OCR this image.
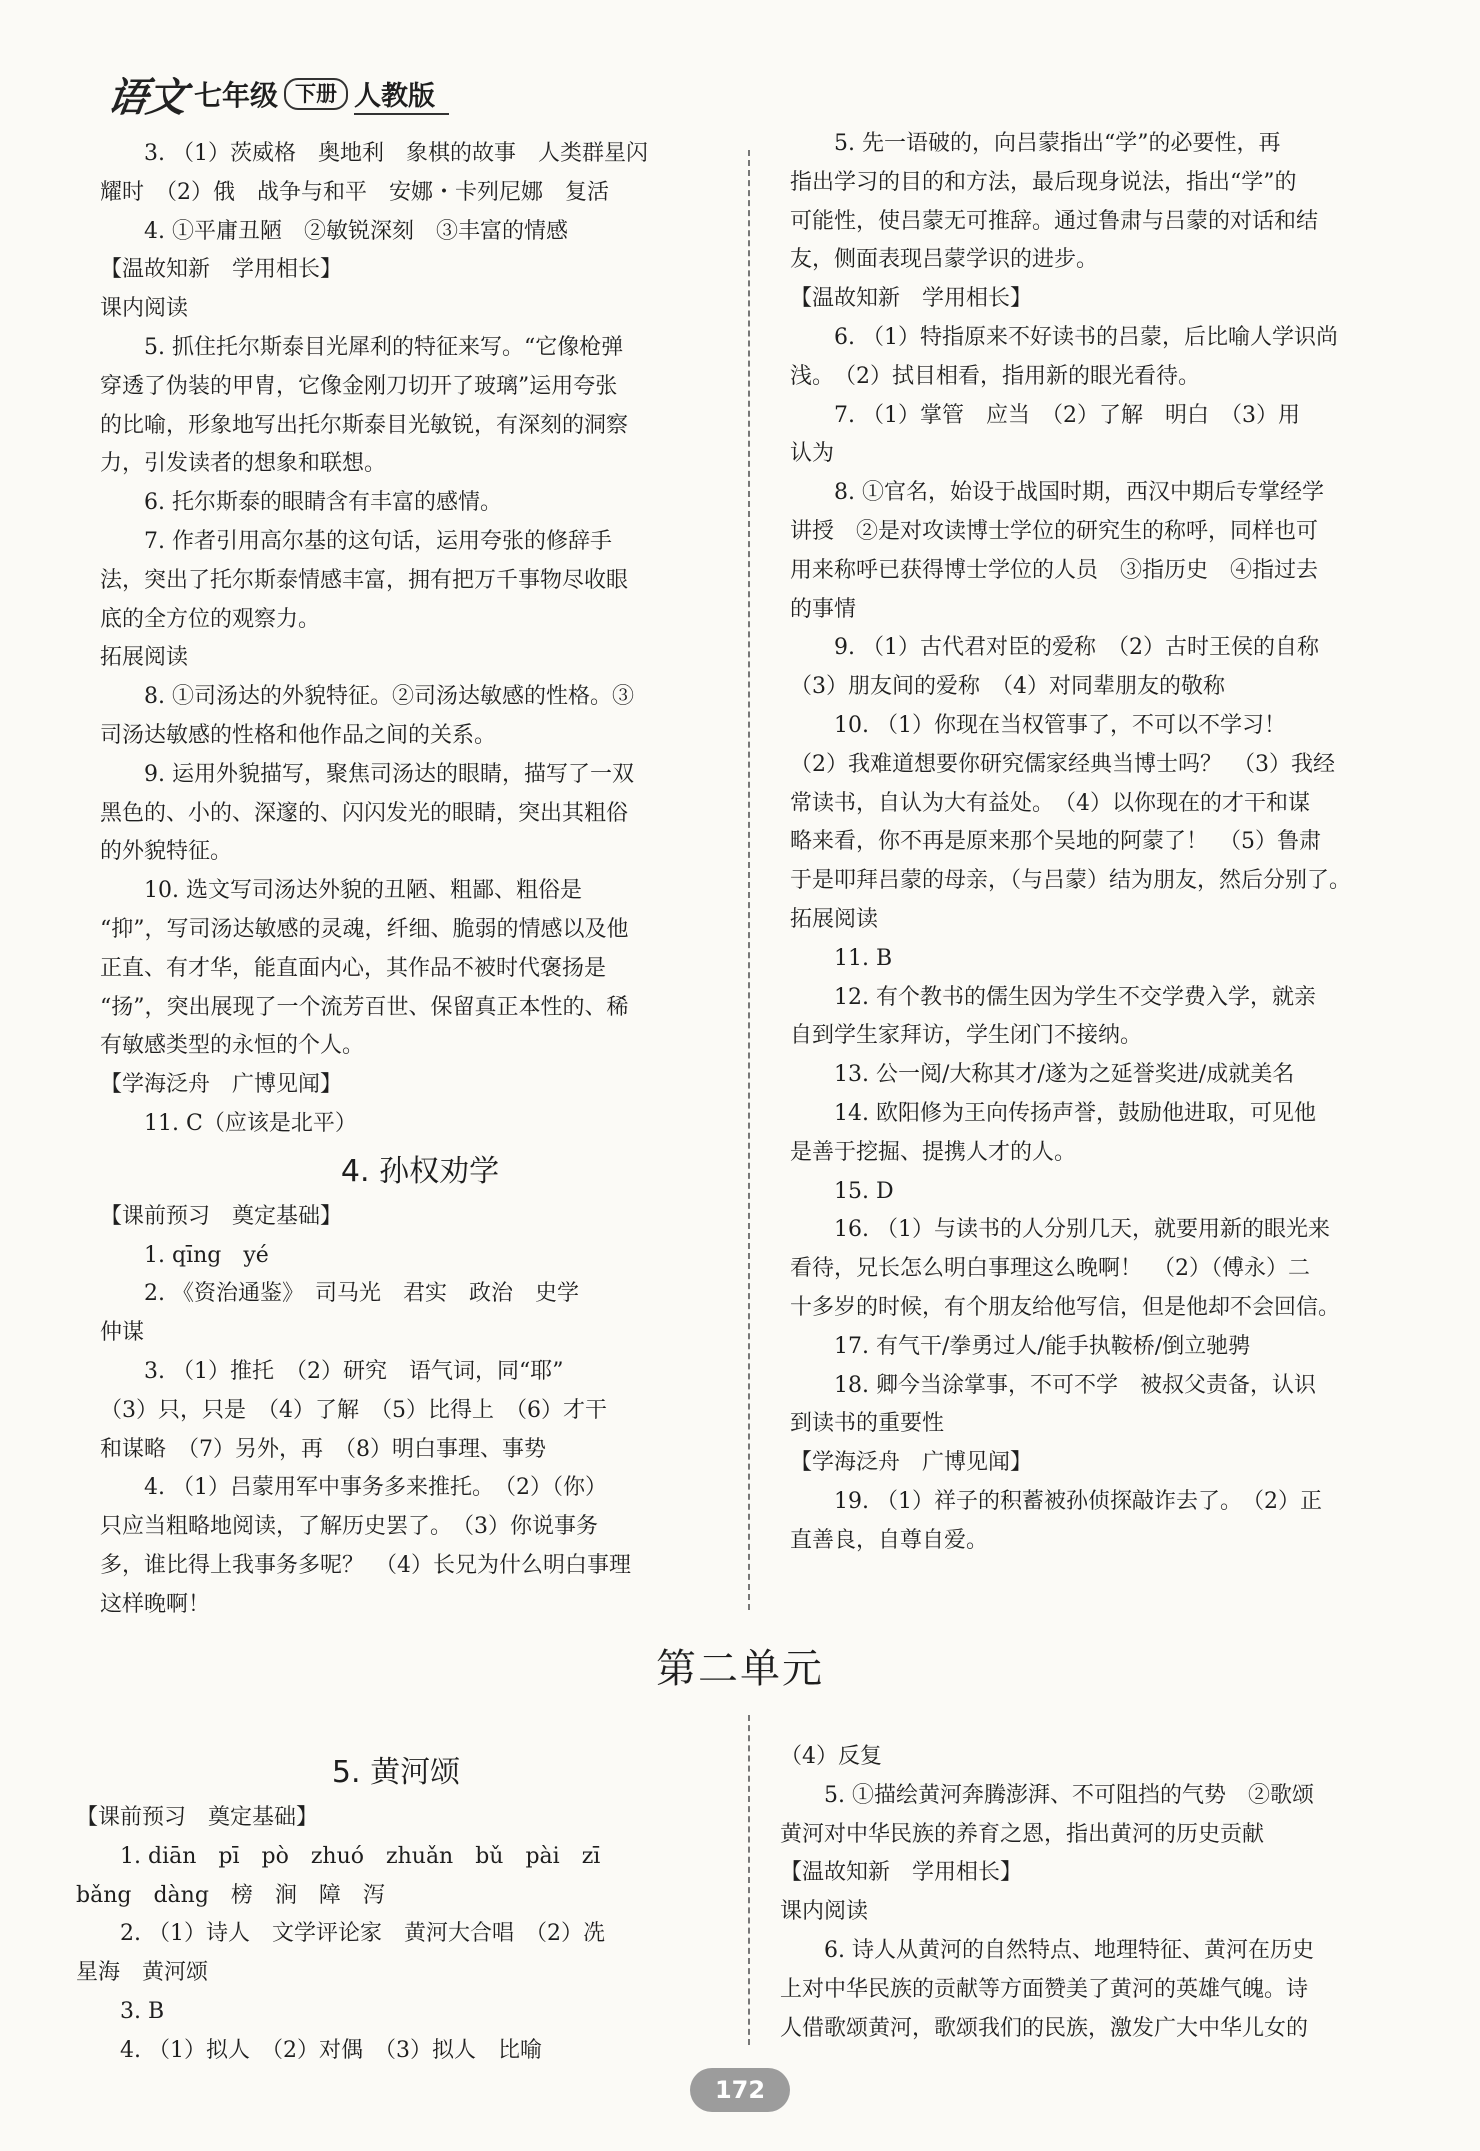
语文 七年级 下册 人教版

3. （1）茨威格　奥地利　象棋的故事　人类群星闪

耀时　（2）俄　战争与和平　安娜・卡列尼娜　复活

4. ①平庸丑陋　②敏锐深刻　③丰富的情感

【温故知新　学用相长】

课内阅读

5. 抓住托尔斯泰目光犀利的特征来写。“它像枪弹

穿透了伪装的甲胄，它像金刚刀切开了玻璃”运用夸张

的比喻，形象地写出托尔斯泰目光敏锐，有深刻的洞察

力，引发读者的想象和联想。

6. 托尔斯泰的眼睛含有丰富的感情。

7. 作者引用高尔基的这句话，运用夸张的修辞手

法，突出了托尔斯泰情感丰富，拥有把万千事物尽收眼

底的全方位的观察力。

拓展阅读

8. ①司汤达的外貌特征。②司汤达敏感的性格。③

司汤达敏感的性格和他作品之间的关系。

9. 运用外貌描写，聚焦司汤达的眼睛，描写了一双

黑色的、小的、深邃的、闪闪发光的眼睛，突出其粗俗

的外貌特征。

10. 选文写司汤达外貌的丑陋、粗鄙、粗俗是

“抑”，写司汤达敏感的灵魂，纤细、脆弱的情感以及他

正直、有才华，能直面内心，其作品不被时代褒扬是

“扬”，突出展现了一个流芳百世、保留真正本性的、稀

有敏感类型的永恒的个人。

【学海泛舟　广博见闻】

11. C（应该是北平）

4. 孙权劝学

【课前预习　奠定基础】

1. qīng　yé

2. 《资治通鉴》　司马光　君实　政治　史学

仲谋

3. （1）推托　（2）研究　语气词，同“耶”

（3）只，只是　（4）了解　（5）比得上　（6）才干

和谋略　（7）另外，再　（8）明白事理、事势

4. （1）吕蒙用军中事务多来推托。　（2）（你）

只应当粗略地阅读，了解历史罢了。　（3）你说事务

多，谁比得上我事务多呢？　（4）长兄为什么明白事理

这样晚啊！

5. 先一语破的，向吕蒙指出“学”的必要性，再

指出学习的目的和方法，最后现身说法，指出“学”的

可能性，使吕蒙无可推辞。通过鲁肃与吕蒙的对话和结

友，侧面表现吕蒙学识的进步。

【温故知新　学用相长】

6. （1）特指原来不好读书的吕蒙，后比喻人学识尚

浅。　（2）拭目相看，指用新的眼光看待。

7. （1）掌管　应当　（2）了解　明白　（3）用

认为

8. ①官名，始设于战国时期，西汉中期后专掌经学

讲授　②是对攻读博士学位的研究生的称呼，同样也可

用来称呼已获得博士学位的人员　③指历史　④指过去

的事情

9. （1）古代君对臣的爱称　（2）古时王侯的自称

（3）朋友间的爱称　（4）对同辈朋友的敬称

10. （1）你现在当权管事了，不可以不学习！

（2）我难道想要你研究儒家经典当博士吗？　（3）我经

常读书，自认为大有益处。　（4）以你现在的才干和谋

略来看，你不再是原来那个吴地的阿蒙了！　（5）鲁肃

于是叩拜吕蒙的母亲，（与吕蒙）结为朋友，然后分别了。

拓展阅读

11. B

12. 有个教书的儒生因为学生不交学费入学，就亲

自到学生家拜访，学生闭门不接纳。

13. 公一阅/大称其才/遂为之延誉奖进/成就美名

14. 欧阳修为王向传扬声誉，鼓励他进取，可见他

是善于挖掘、提携人才的人。

15. D

16. （1）与读书的人分别几天，就要用新的眼光来

看待，兄长怎么明白事理这么晚啊！　（2）（傅永）二

十多岁的时候，有个朋友给他写信，但是他却不会回信。

17. 有气干/拳勇过人/能手执鞍桥/倒立驰骋

18. 卿今当涂掌事，不可不学　被叔父责备，认识

到读书的重要性

【学海泛舟　广博见闻】

19. （1）祥子的积蓄被孙侦探敲诈去了。　（2）正

直善良，自尊自爱。

第二单元
5. 黄河颂

【课前预习　奠定基础】

1. diān　pī　pò　zhuó　zhuǎn　bǔ　pài　zī

bǎng　dàng　榜　涧　障　泻

2. （1）诗人　文学评论家　黄河大合唱　（2）冼

星海　黄河颂

3. B

4. （1）拟人　（2）对偶　（3）拟人　比喻

（4）反复

5. ①描绘黄河奔腾澎湃、不可阻挡的气势　②歌颂

黄河对中华民族的养育之恩，指出黄河的历史贡献

【温故知新　学用相长】

课内阅读

6. 诗人从黄河的自然特点、地理特征、黄河在历史

上对中华民族的贡献等方面赞美了黄河的英雄气魄。诗

人借歌颂黄河，歌颂我们的民族，激发广大中华儿女的

172
